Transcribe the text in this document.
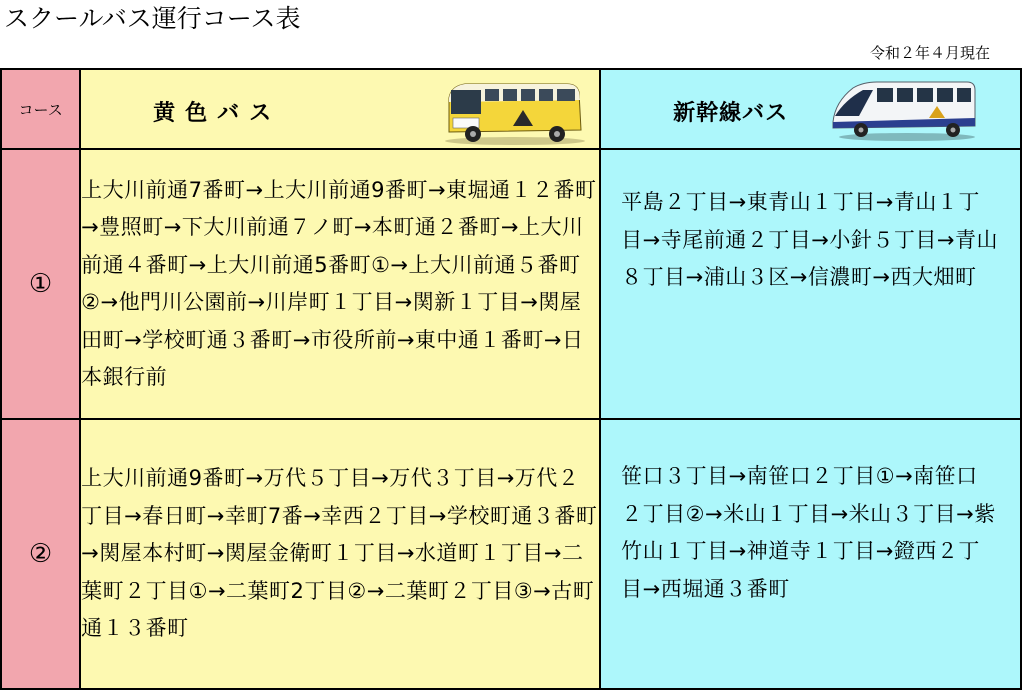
スクールバス運行コース表
令和２年４月現在
コース	黄色バス	新幹線バス

①	上大川前通7番町→上大川前通9番町→東堀通１２番町→豊照町→下大川前通７ノ町→本町通２番町→上大川前通４番町→上大川前通5番町①→上大川前通５番町②→他門川公園前→川岸町１丁目→関新１丁目→関屋田町→学校町通３番町→市役所前→東中通１番町→日本銀行前	平島２丁目→東青山１丁目→青山１丁目→寺尾前通２丁目→小針５丁目→青山８丁目→浦山３区→信濃町→西大畑町
②	上大川前通9番町→万代５丁目→万代３丁目→万代２丁目→春日町→幸町7番→幸西２丁目→学校町通３番町→関屋本村町→関屋金衛町１丁目→水道町１丁目→二葉町２丁目①→二葉町2丁目②→二葉町２丁目③→古町通１３番町	笹口３丁目→南笹口２丁目①→南笹口２丁目②→米山１丁目→米山３丁目→紫竹山１丁目→神道寺１丁目→鐙西２丁目→西堀通３番町
